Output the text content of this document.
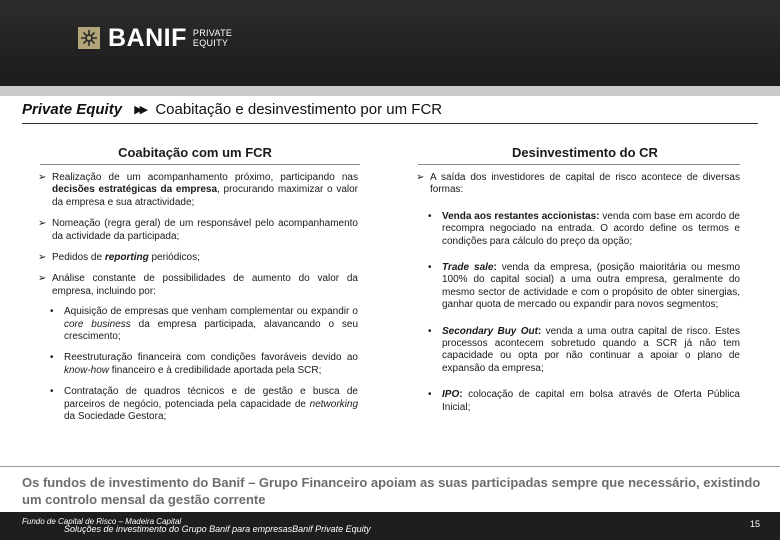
BANIF PRIVATE
EQUITY
Private Equity ▶▶ Coabitação e desinvestimento por um FCR
Coabitação com um FCR
➢ Realização de um acompanhamento próximo, participando nas decisões estratégicas da empresa, procurando maximizar o valor da empresa e sua atractividade;
➢ Nomeação (regra geral) de um responsável pelo acompanhamento da actividade da participada;
➢ Pedidos de reporting periódicos;
➢ Análise constante de possibilidades de aumento do valor da empresa, incluindo por:
• Aquisição de empresas que venham complementar ou expandir o core business da empresa participada, alavancando o seu crescimento;
• Reestruturação financeira com condições favoráveis devido ao know-how financeiro e à credibilidade aportada pela SCR;
• Contratação de quadros técnicos e de gestão e busca de parceiros de negócio, potenciada pela capacidade de networking da Sociedade Gestora;
Desinvestimento do CR
➢ A saída dos investidores de capital de risco acontece de diversas formas:
• Venda aos restantes accionistas: venda com base em acordo de recompra negociado na entrada. O acordo define os termos e condições para cálculo do preço da opção;
• Trade sale: venda da empresa, (posição maioritária ou mesmo 100% do capital social) a uma outra empresa, geralmente do mesmo sector de actividade e com o propósito de obter sinergias, ganhar quota de mercado ou expandir para novos segmentos;
• Secondary Buy Out: venda a uma outra capital de risco. Estes processos acontecem sobretudo quando a SCR já não tem capacidade ou opta por não continuar a apoiar o plano de expansão da empresa;
• IPO: colocação de capital em bolsa através de Oferta Pública Inicial;
Os fundos de investimento do Banif – Grupo Financeiro apoiam as suas participadas sempre que necessário, existindo um controlo mensal da gestão corrente
Fundo de Capital de Risco – Madeira Capital
Soluções de investimento do Grupo Banif para empresasBanif Private Equity	15
